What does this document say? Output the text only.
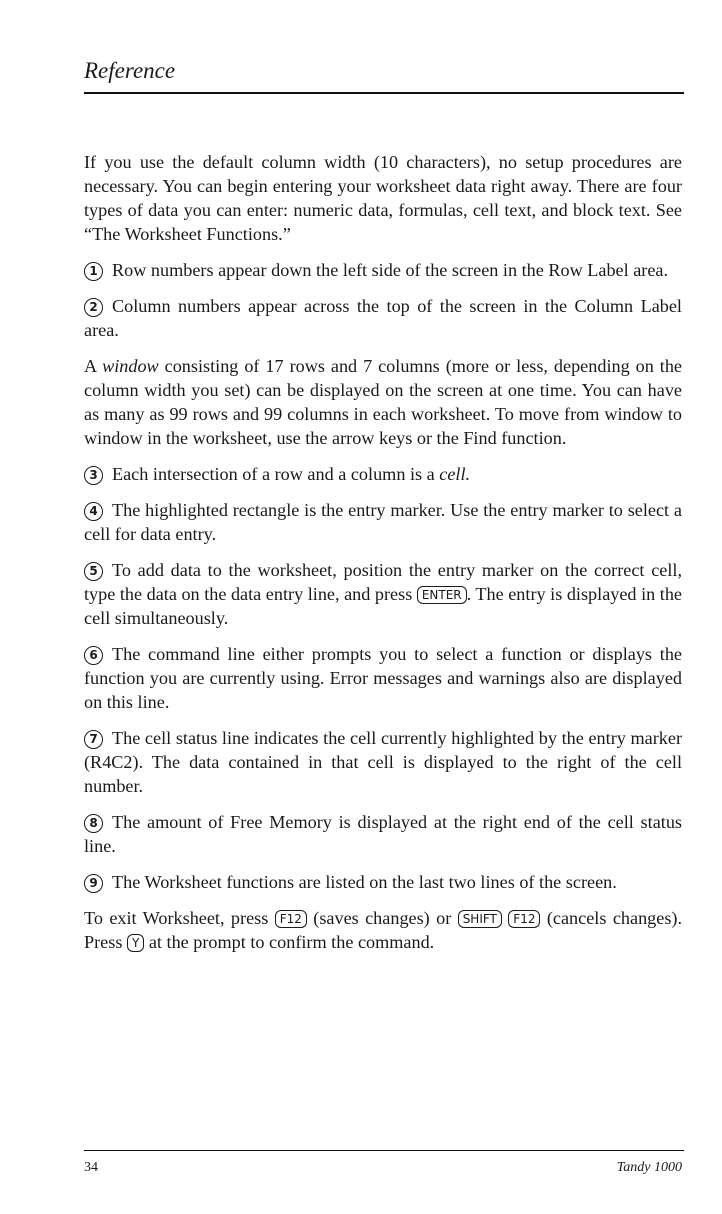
Reference

If you use the default column width (10 characters), no setup procedures are necessary. You can begin entering your worksheet data right away. There are four types of data you can enter: numeric data, formulas, cell text, and block text. See “The Worksheet Functions.”

1 Row numbers appear down the left side of the screen in the Row Label area.

2 Column numbers appear across the top of the screen in the Column Label area.

A window consisting of 17 rows and 7 columns (more or less, depending on the column width you set) can be displayed on the screen at one time. You can have as many as 99 rows and 99 columns in each worksheet. To move from window to window in the worksheet, use the arrow keys or the Find function.

3 Each intersection of a row and a column is a cell.

4 The highlighted rectangle is the entry marker. Use the entry marker to select a cell for data entry.

5 To add data to the worksheet, position the entry marker on the correct cell, type the data on the data entry line, and press ENTER . The entry is displayed in the cell simultaneously.

6 The command line either prompts you to select a function or displays the function you are currently using. Error messages and warnings also are displayed on this line.

7 The cell status line indicates the cell currently highlighted by the entry marker (R4C2). The data contained in that cell is displayed to the right of the cell number.

8 The amount of Free Memory is displayed at the right end of the cell status line.

9 The Worksheet functions are listed on the last two lines of the screen.

To exit Worksheet, press F12 (saves changes) or SHIFT F12 (cancels changes). Press Y at the prompt to confirm the command.

34	Tandy 1000
